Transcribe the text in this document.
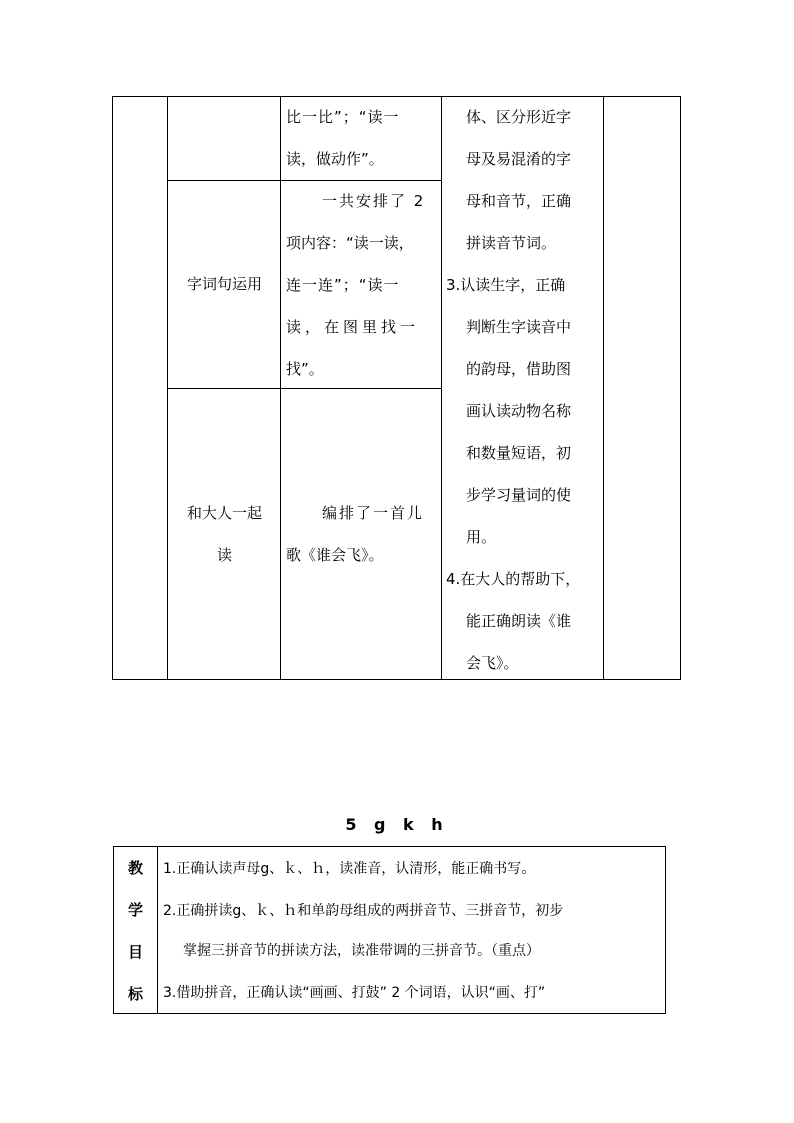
比一比”；“读一
读，做动作”。
字词句运用
一共安排了 2
项内容：“读一读，
连一连”；“读一
读，在图里找一
找”。
和大人一起
读
编排了一首儿
歌《谁会飞》。
体、区分形近字
母及易混淆的字
母和音节，正确
拼读音节词。
3.认读生字，正确
判断生字读音中
的韵母，借助图
画认读动物名称
和数量短语，初
步学习量词的使
用。
4.在大人的帮助下，
能正确朗读《谁
会飞》。
5 g k h
教
学
目
标
1.正确认读声母g、ｋ、ｈ，读准音，认清形，能正确书写。
2.正确拼读g、ｋ、ｈ和单韵母组成的两拼音节、三拼音节，初步
掌握三拼音节的拼读方法，读准带调的三拼音节。（重点）
3.借助拼音，正确认读“画画、打鼓” 2 个词语，认识“画、打”
